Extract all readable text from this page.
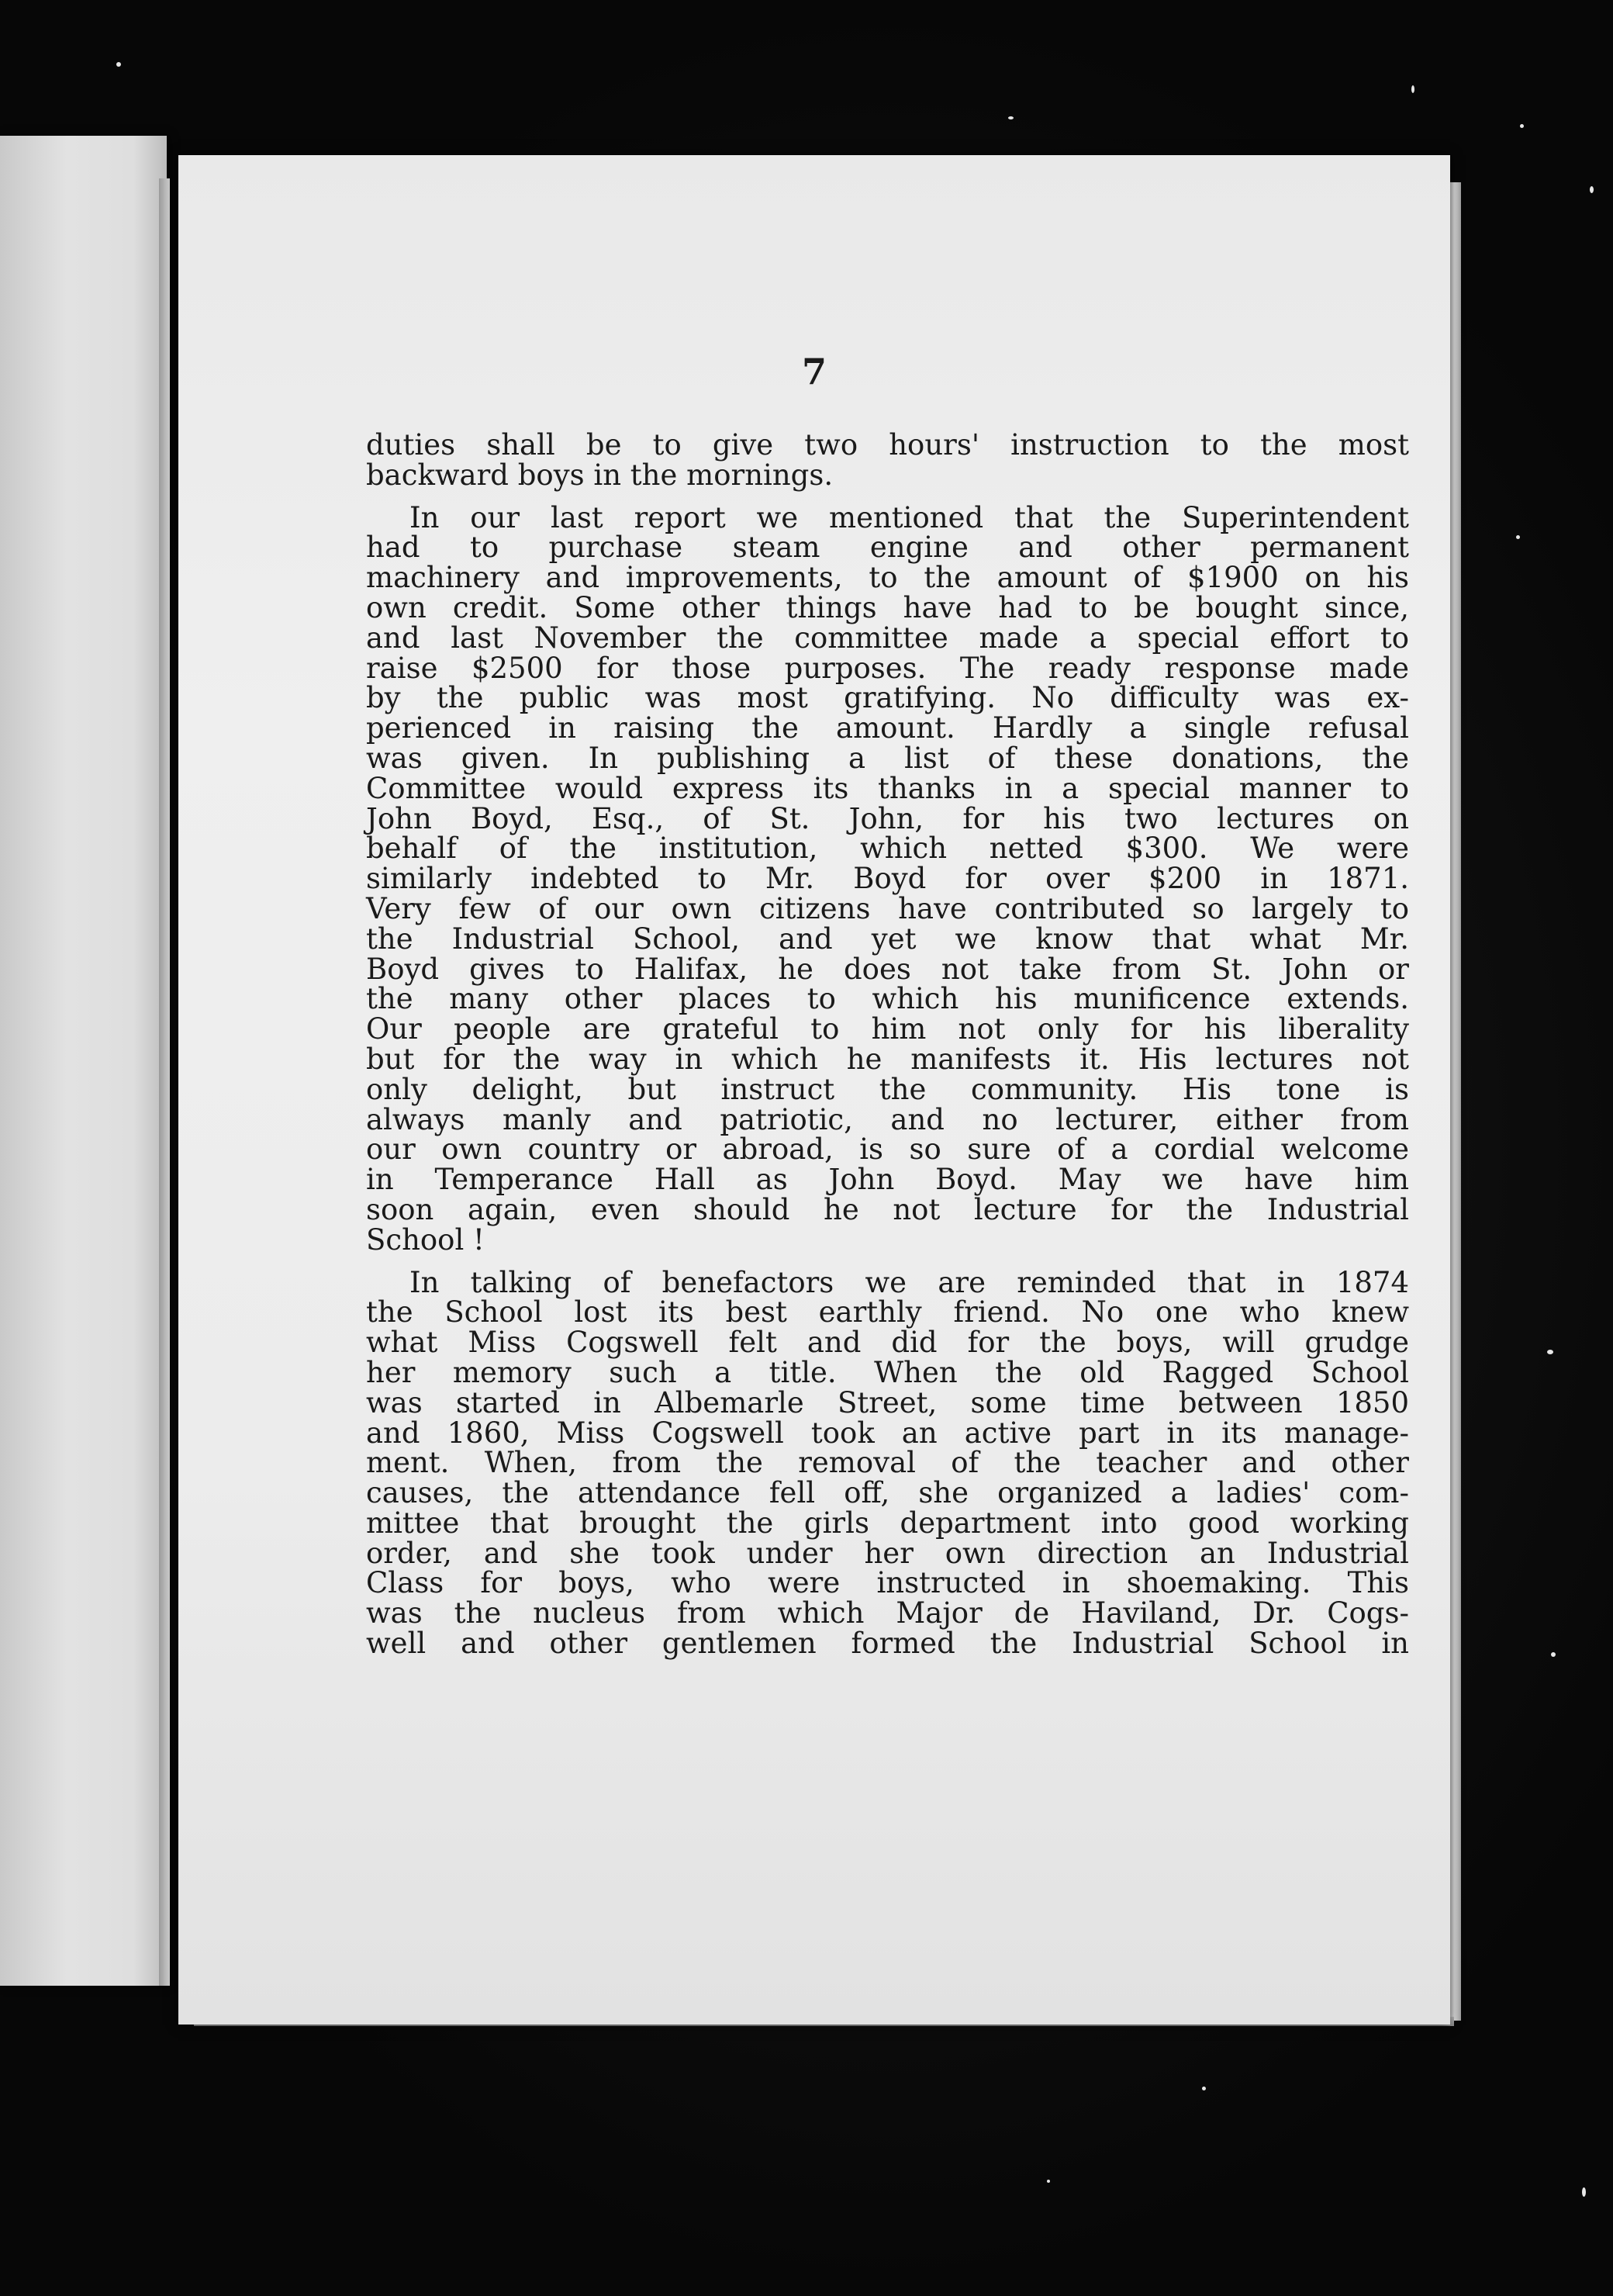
7
duties shall be to give two hours' instruction to the most
backward boys in the mornings.
In our last report we mentioned that the Superintendent
had to purchase steam engine and other permanent
machinery and improvements, to the amount of $1900 on his
own credit. Some other things have had to be bought since,
and last November the committee made a special effort to
raise $2500 for those purposes. The ready response made
by the public was most gratifying. No difficulty was ex-
perienced in raising the amount. Hardly a single refusal
was given. In publishing a list of these donations, the
Committee would express its thanks in a special manner to
John Boyd, Esq., of St. John, for his two lectures on
behalf of the institution, which netted $300. We were
similarly indebted to Mr. Boyd for over $200 in 1871.
Very few of our own citizens have contributed so largely to
the Industrial School, and yet we know that what Mr.
Boyd gives to Halifax, he does not take from St. John or
the many other places to which his munificence extends.
Our people are grateful to him not only for his liberality
but for the way in which he manifests it. His lectures not
only delight, but instruct the community. His tone is
always manly and patriotic, and no lecturer, either from
our own country or abroad, is so sure of a cordial welcome
in Temperance Hall as John Boyd. May we have him
soon again, even should he not lecture for the Industrial
School !
In talking of benefactors we are reminded that in 1874
the School lost its best earthly friend. No one who knew
what Miss Cogswell felt and did for the boys, will grudge
her memory such a title. When the old Ragged School
was started in Albemarle Street, some time between 1850
and 1860, Miss Cogswell took an active part in its manage-
ment. When, from the removal of the teacher and other
causes, the attendance fell off, she organized a ladies' com-
mittee that brought the girls department into good working
order, and she took under her own direction an Industrial
Class for boys, who were instructed in shoemaking. This
was the nucleus from which Major de Haviland, Dr. Cogs-
well and other gentlemen formed the Industrial School in
